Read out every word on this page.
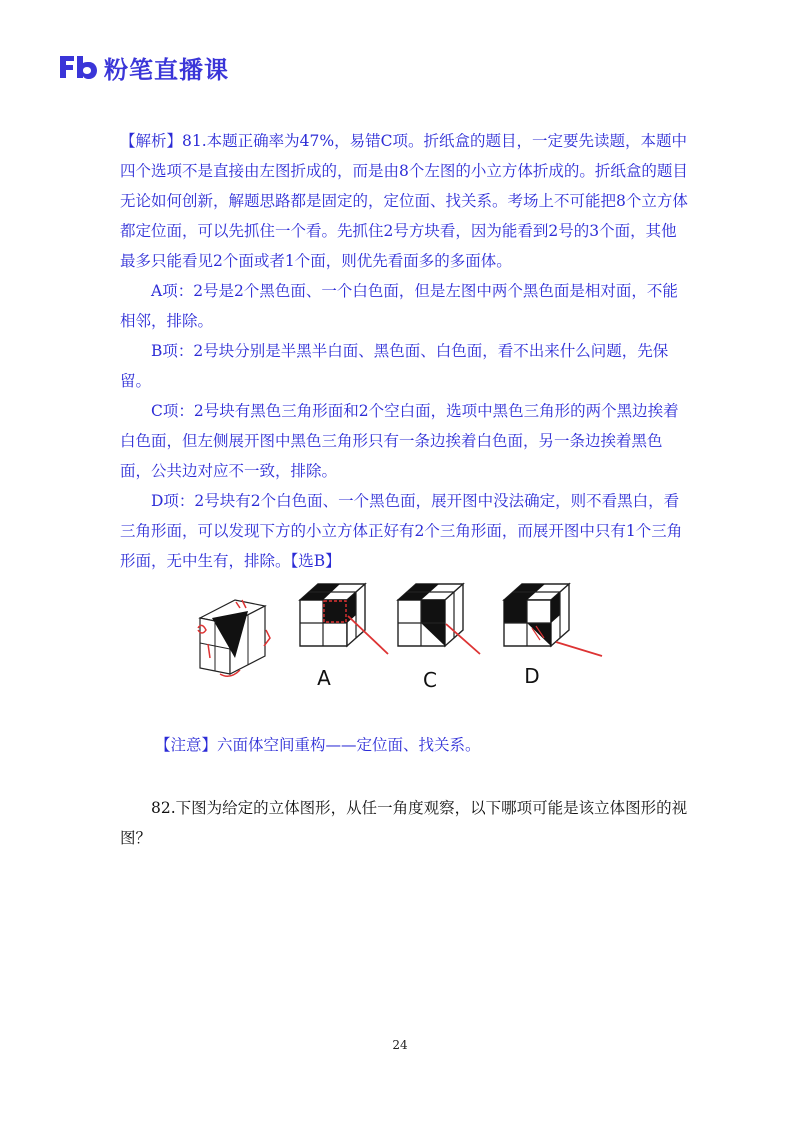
粉笔直播课

【解析】81.本题正确率为47%，易错C项。折纸盒的题目，一定要先读题，本题中四个选项不是直接由左图折成的，而是由8个左图的小立方体折成的。折纸盒的题目无论如何创新，解题思路都是固定的，定位面、找关系。考场上不可能把8个立方体都定位面，可以先抓住一个看。先抓住2号方块看，因为能看到2号的3个面，其他最多只能看见2个面或者1个面，则优先看面多的多面体。

A项：2号是2个黑色面、一个白色面，但是左图中两个黑色面是相对面，不能相邻，排除。

B项：2号块分别是半黑半白面、黑色面、白色面，看不出来什么问题，先保留。

C项：2号块有黑色三角形面和2个空白面，选项中黑色三角形的两个黑边挨着白色面，但左侧展开图中黑色三角形只有一条边挨着白色面，另一条边挨着黑色面，公共边对应不一致，排除。

D项：2号块有2个白色面、一个黑色面，展开图中没法确定，则不看黑白，看三角形面，可以发现下方的小立方体正好有2个三角形面，而展开图中只有1个三角形面，无中生有，排除。【选B】

A	C	D
【注意】六面体空间重构——定位面、找关系。

82.下图为给定的立体图形，从任一角度观察，以下哪项可能是该立体图形的视图？

24
